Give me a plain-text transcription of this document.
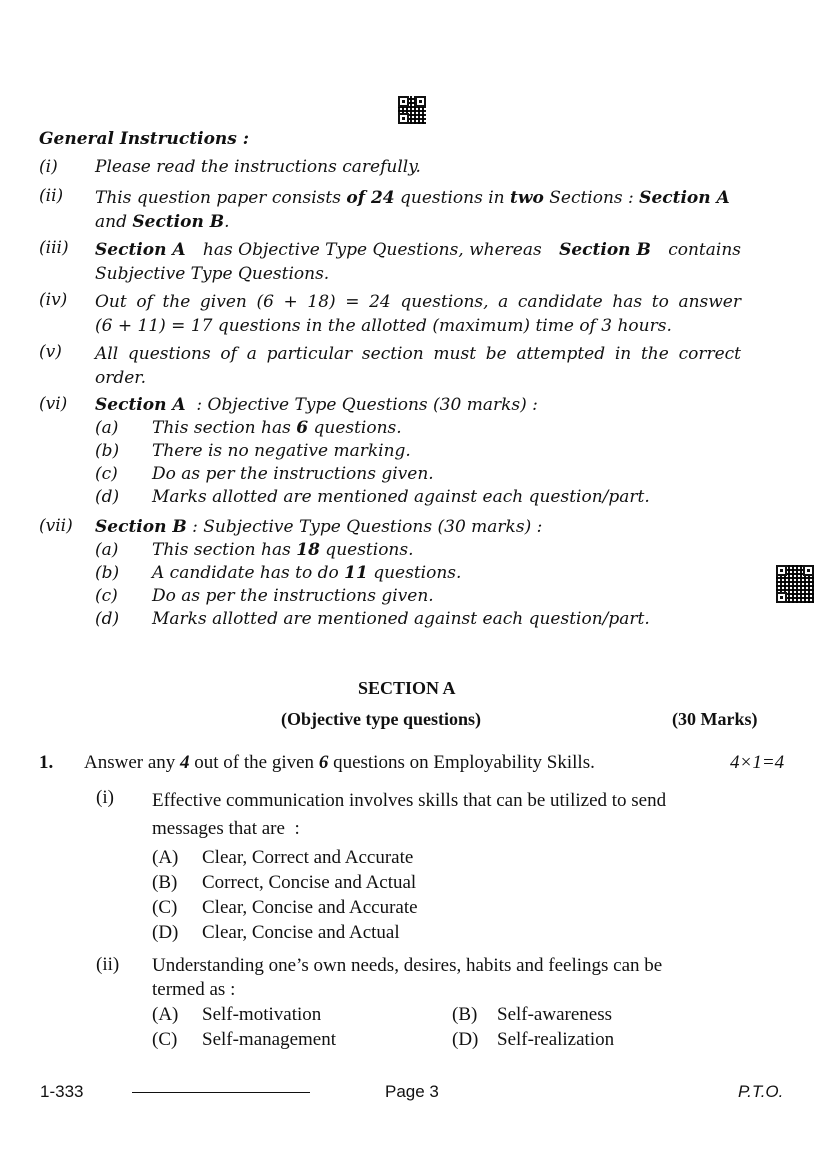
General Instructions :
(i)	Please read the instructions carefully.
(ii)	This question paper consists of 24 questions in two Sections : Section A
and Section B.
(iii)	Section A has Objective Type Questions, whereas Section B contains
Subjective Type Questions.
(iv)	Out of the given (6 + 18) = 24 questions, a candidate has to answer
(6 + 11) = 17 questions in the allotted (maximum) time of 3 hours.
(v)	All questions of a particular section must be attempted in the correct
order.
(vi)	Section A  : Objective Type Questions (30 marks) :
(a)	This section has 6 questions.
(b)	There is no negative marking.
(c)	Do as per the instructions given.
(d)	Marks allotted are mentioned against each question/part.
(vii)	Section B : Subjective Type Questions (30 marks) :
(a)	This section has 18 questions.
(b)	A candidate has to do 11 questions.
(c)	Do as per the instructions given.
(d)	Marks allotted are mentioned against each question/part.
SECTION A
(Objective type questions)	(30 Marks)
1. Answer any 4 out of the given 6 questions on Employability Skills.	4×1=4
(i) Effective communication involves skills that can be utilized to send
messages that are  :
(A)	Clear, Correct and Accurate
(B)	Correct, Concise and Actual
(C)	Clear, Concise and Accurate
(D)	Clear, Concise and Actual
(ii) Understanding one’s own needs, desires, habits and feelings can be
termed as :
(A)	Self-motivation	(B)	Self-awareness
(C)	Self-management	(D) Self-realization
1-333	Page 3	P.T.O.
